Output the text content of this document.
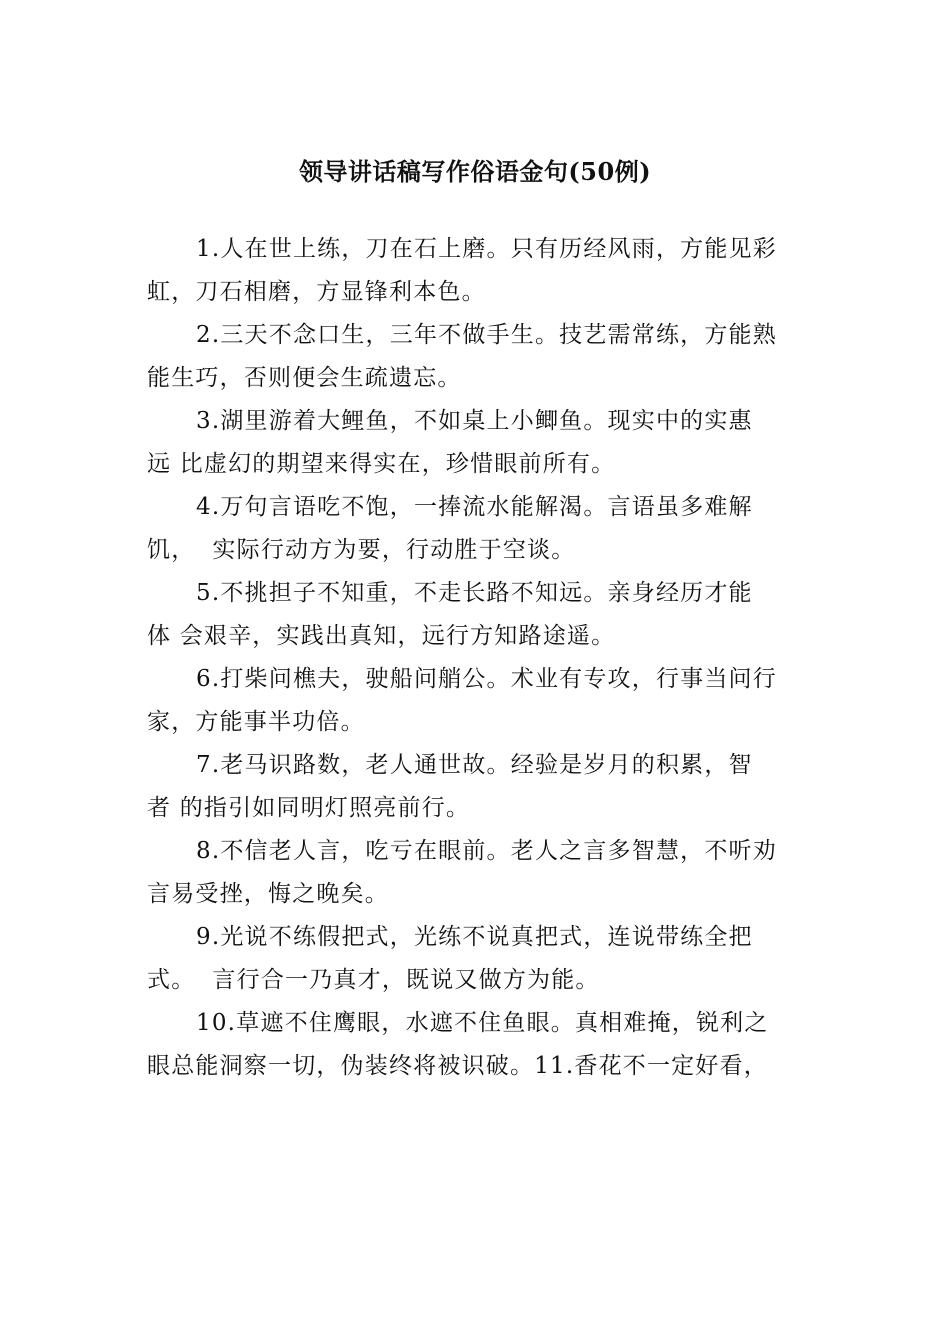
领导讲话稿写作俗语金句(50例)

1.人在世上练，刀在石上磨。只有历经风雨，方能见彩
虹，刀石相磨，方显锋利本色。

2.三天不念口生，三年不做手生。技艺需常练，方能熟
能生巧，否则便会生疏遗忘。

3.湖里游着大鲤鱼，不如桌上小鲫鱼。现实中的实惠
远 比虚幻的期望来得实在，珍惜眼前所有。

4.万句言语吃不饱，一捧流水能解渴。言语虽多难解
饥，  实际行动方为要，行动胜于空谈。

5.不挑担子不知重，不走长路不知远。亲身经历才能
体 会艰辛，实践出真知，远行方知路途遥。

6.打柴问樵夫，驶船问艄公。术业有专攻，行事当问行
家，方能事半功倍。

7.老马识路数，老人通世故。经验是岁月的积累，智
者 的指引如同明灯照亮前行。

8.不信老人言，吃亏在眼前。老人之言多智慧，不听劝
言易受挫，悔之晚矣。

9.光说不练假把式，光练不说真把式，连说带练全把
式。  言行合一乃真才，既说又做方为能。

10.草遮不住鹰眼，水遮不住鱼眼。真相难掩，锐利之
眼总能洞察一切，伪装终将被识破。11.香花不一定好看，
